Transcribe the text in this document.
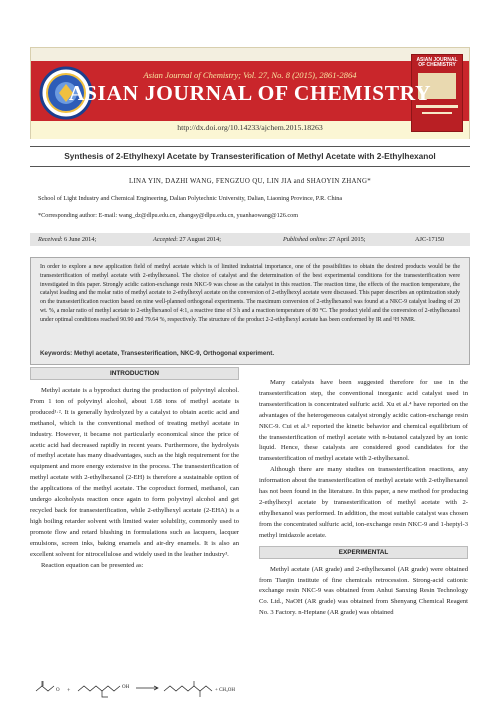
ASIAN JOURNAL OF CHEMISTRY
Asian Journal of Chemistry; Vol. 27, No. 8 (2015), 2861-2864
ASIAN JOURNAL OF CHEMISTRY
http://dx.doi.org/10.14233/ajchem.2015.18263
Synthesis of 2-Ethylhexyl Acetate by Transesterification of Methyl Acetate with 2-Ethylhexanol
LINA YIN, DAZHI WANG, FENGZUO QU, LIN JIA and SHAOYIN ZHANG*
School of Light Industry and Chemical Engineering, Dalian Polytechnic University, Dalian, Liaoning Province, P.R. China
*Corresponding author: E-mail: wang_dz@dlpu.edu.cn, zhangsy@dlpu.edu.cn, yuanhaowang@126.com
Received: 6 June 2014;	Accepted: 27 August 2014;	Published online: 27 April 2015;	AJC-17150
In order to explore a new application field of methyl acetate which is of limited industrial importance, one of the possibilities to obtain the desired products would be the transesterification of methyl acetate with 2-ethylhexanol. The choice of catalyst and the determination of the best experimental conditions for the transesterification were investigated in this paper. Strongly acidic cation-exchange resin NKC-9 was chose as the catalyst in this reaction. The reaction time, the effects of the reaction temperature, the catalyst loading and the molar ratio of methyl acetate to 2-ethylhexyl acetate on the conversion of 2-ethylhexyl acetate were discussed. This paper describes an optimization study on the transesterification reaction based on nine well-planned orthogonal experiments. The maximum conversion of 2-ethylhexanol was found at a NKC-9 catalyst loading of 20 wt. %, a molar ratio of methyl acetate to 2-ethylhexanol of 4:1, a reactive time of 3 h and a reaction temperature of 80 °C. The product yield and the conversion of 2-ethylhexanol under optimal conditions reached 90.90 and 79.64 %, respectively. The structure of the product 2-2-ethylhexyl acetate has been conformed by IR and ¹H NMR.
Keywords: Methyl acetate, Transesterification, NKC-9, Orthogonal experiment.
INTRODUCTION
Methyl acetate is a byproduct during the production of polyvinyl alcohol. From 1 ton of polyvinyl alcohol, about 1.68 tons of methyl acetate is produced¹·². It is generally hydrolyzed by a catalyst to obtain acetic acid and methanol, which is the conventional method of treating methyl acetate in industry. However, it became not particularly economical since the price of acetic acid had decreased rapidly in recent years. Furthermore, the hydrolysis of methyl acetate has many disadvantages, such as the high requirement for the equipment and more energy extensive in the process. The transesterification of methyl acetate with 2-ethylhexanol (2-EH) is therefore a sustainable option of the applications of the methyl acetate. The coproduct formed, methanol, can undergo alcoholysis reaction once again to form polyvinyl alcohol and get recycled back for transesterification, while 2-ethylhexyl acetate (2-EHA) is a high boiling retarder solvent with limited water solubility, commonly used to promote flow and retard blushing in formulations such as lacquers, lacquer emulsions, screen inks, baking enamels and air-dry enamels. It is also an excellent solvent for nitrocellulose and widely used in the leather industry³.
Reaction equation can be presented as:
O +
OH
+ CH₃OH
Many catalysts have been suggested therefore for use in the transesterification step, the conventional inorganic acid catalyst used in transesterification is concentrated sulfuric acid. Xu et al.⁴ have reported on the advantages of the heterogeneous catalyst strongly acidic cation-exchange resin NKC-9. Cui et al.⁵ reported the kinetic behavior and chemical equilibrium of the transesterification of methyl acetate with n-butanol catalyzed by an ionic liquid. Hence, these catalysts are considered good candidates for the transesterification of methyl acetate with 2-ethylhexanol.
Although there are many studies on transesterification reactions, any information about the transesterification of methyl acetate with 2-ethylhexanol has not been found in the literature. In this paper, a new method for producing 2-ethylhexyl acetate by transesterification of methyl acetate with 2-ethylhexanol was performed. In addition, the most suitable catalyst was chosen from the concentrated sulfuric acid, ion-exchange resin NKC-9 and 1-heptyl-3 methyl imidazole acetate.
EXPERIMENTAL
Methyl acetate (AR grade) and 2-ethylhexanol (AR grade) were obtained from Tianjin institute of fine chemicals retrocession. Strong-acid cationic exchange resin NKC-9 was obtained from Anhui Sanxing Resin Technology Co. Ltd., NaOH (AR grade) was obtained from Shenyang Chemical Reagent No. 3 Factory. n-Heptane (AR grade) was obtained
